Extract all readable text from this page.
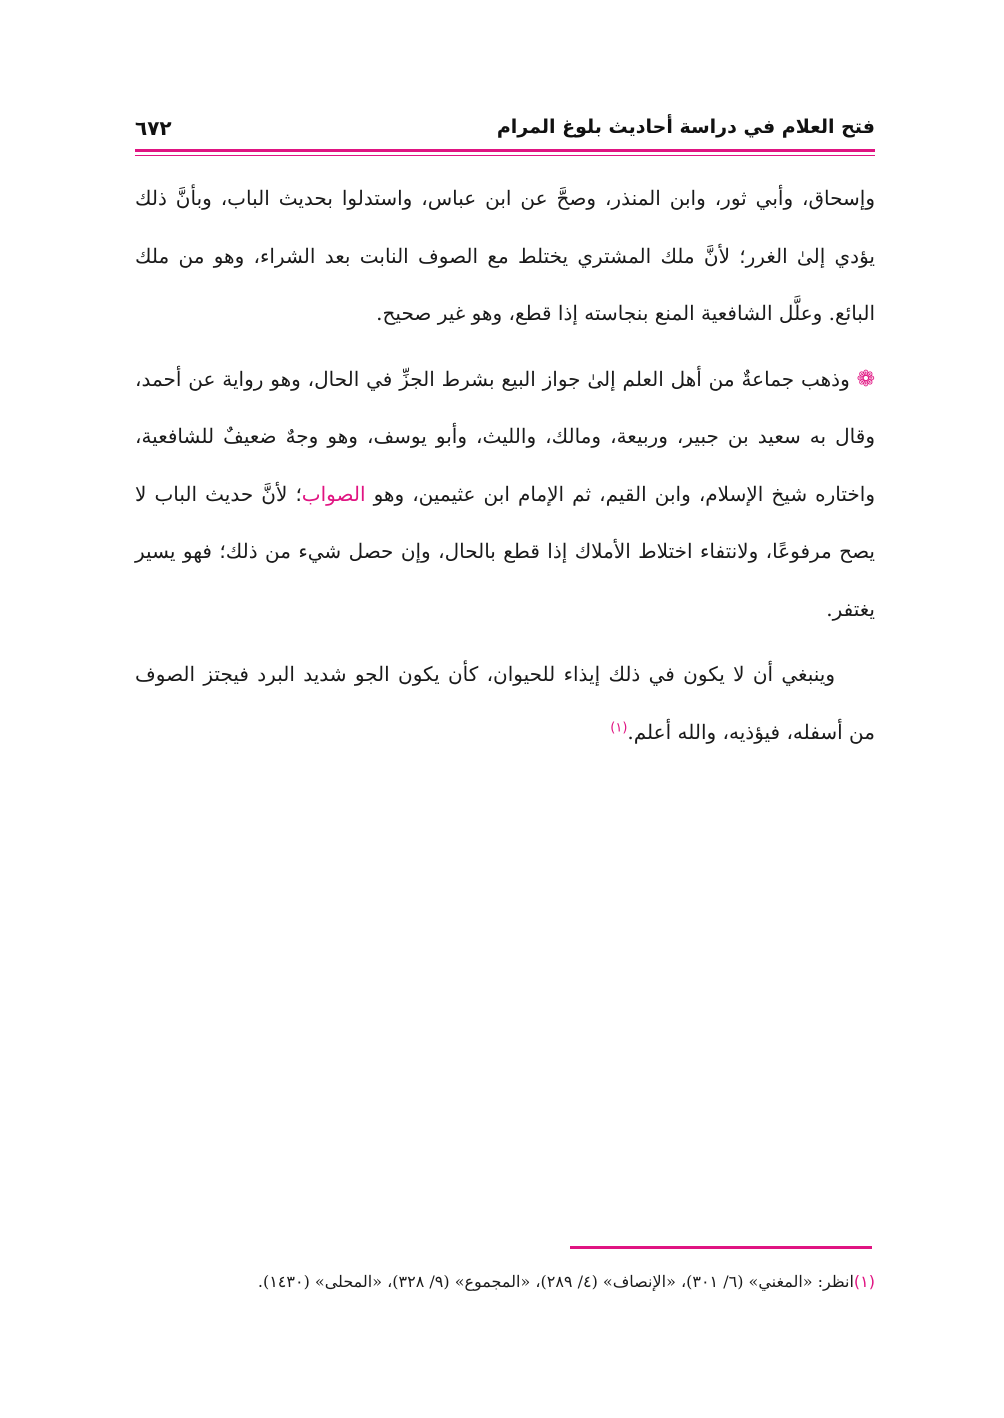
فتح العلام في دراسة أحاديث بلوغ المرام
٦٧٢

وإسحاق، وأبي ثور، وابن المنذر، وصحَّ عن ابن عباس، واستدلوا بحديث الباب، وبأنَّ ذلك يؤدي إلىٰ الغرر؛ لأنَّ ملك المشتري يختلط مع الصوف النابت بعد الشراء، وهو من ملك البائع. وعلَّل الشافعية المنع بنجاسته إذا قطع، وهو غير صحيح.

❁ وذهب جماعةٌ من أهل العلم إلىٰ جواز البيع بشرط الجزِّ في الحال، وهو رواية عن أحمد، وقال به سعيد بن جبير، وربيعة، ومالك، والليث، وأبو يوسف، وهو وجهٌ ضعيفٌ للشافعية، واختاره شيخ الإسلام، وابن القيم، ثم الإمام ابن عثيمين، وهو الصواب؛ لأنَّ حديث الباب لا يصح مرفوعًا، ولانتفاء اختلاط الأملاك إذا قطع بالحال، وإن حصل شيء من ذلك؛ فهو يسير يغتفر.

وينبغي أن لا يكون في ذلك إيذاء للحيوان، كأن يكون الجو شديد البرد فيجتز الصوف من أسفله، فيؤذيه، والله أعلم.$^{(١)}$

(١)انظر: «المغني» (٦/ ٣٠١)، «الإنصاف» (٤/ ٢٨٩)، «المجموع» (٩/ ٣٢٨)، «المحلى» (١٤٣٠).
